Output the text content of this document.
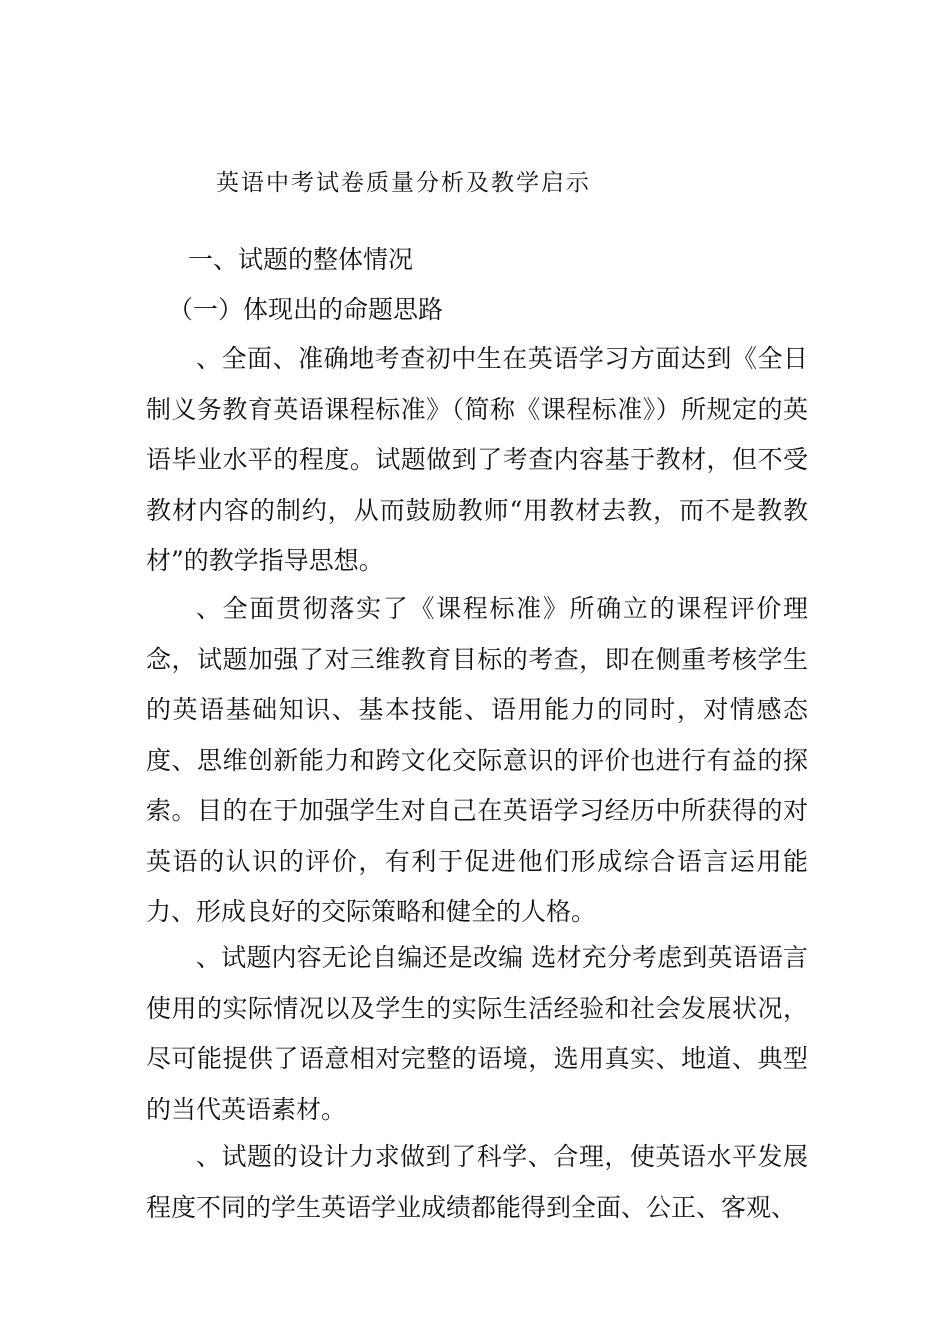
英语中考试卷质量分析及教学启示
一、试题的整体情况
（一）体现出的命题思路

、全面、准确地考查初中生在英语学习方面达到《全日制义务教育英语课程标准》（简称《课程标准》）所规定的英语毕业水平的程度。试题做到了考查内容基于教材，但不受教材内容的制约，从而鼓励教师“用教材去教，而不是教教材”的教学指导思想。

、全面贯彻落实了《课程标准》所确立的课程评价理念，试题加强了对三维教育目标的考查，即在侧重考核学生的英语基础知识、基本技能、语用能力的同时，对情感态度、思维创新能力和跨文化交际意识的评价也进行有益的探索。目的在于加强学生对自己在英语学习经历中所获得的对英语的认识的评价，有利于促进他们形成综合语言运用能力、形成良好的交际策略和健全的人格。

、试题内容无论自编还是改编 选材充分考虑到英语语言使用的实际情况以及学生的实际生活经验和社会发展状况，尽可能提供了语意相对完整的语境，选用真实、地道、典型的当代英语素材。

、试题的设计力求做到了科学、合理，使英语水平发展程度不同的学生英语学业成绩都能得到全面、公正、客观、
